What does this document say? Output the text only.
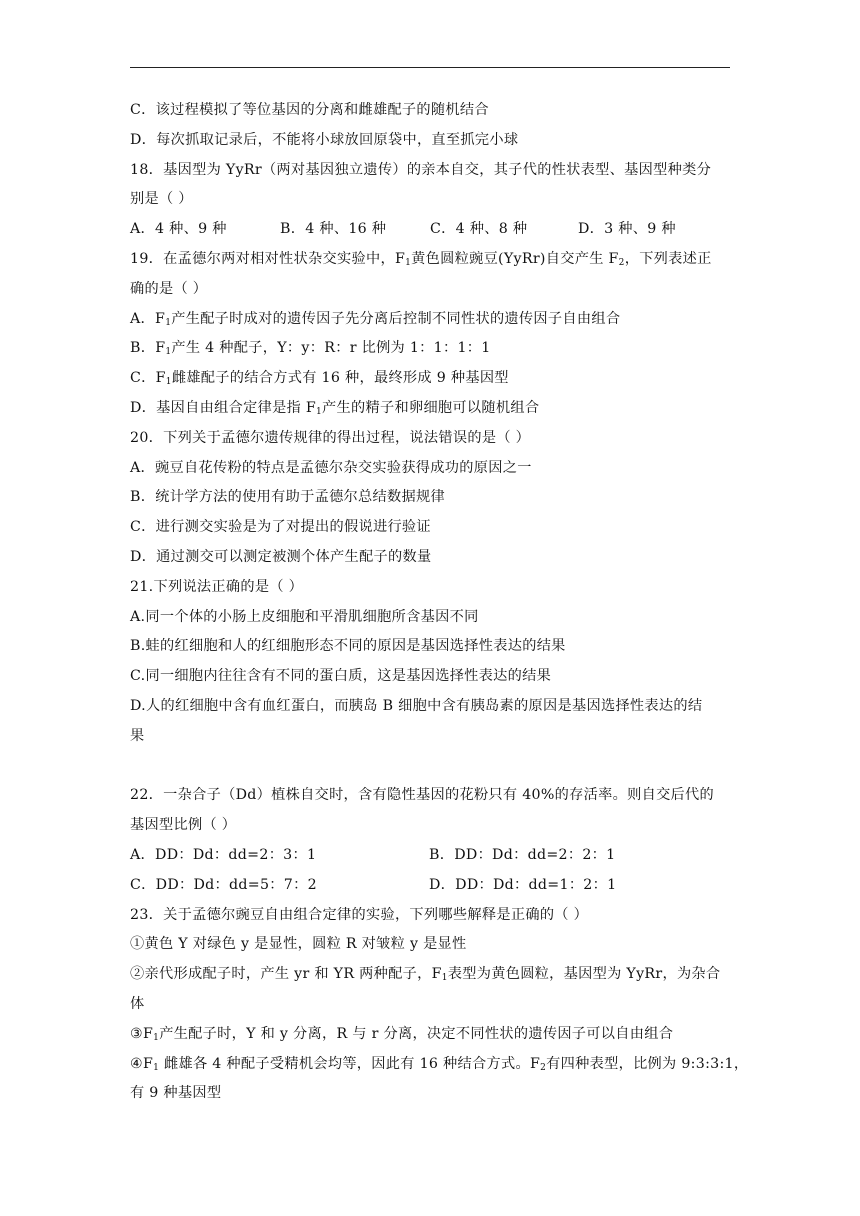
C．该过程模拟了等位基因的分离和雌雄配子的随机结合
D．每次抓取记录后，不能将小球放回原袋中，直至抓完小球
18．基因型为 YyRr（两对基因独立遗传）的亲本自交，其子代的性状表型、基因型种类分
别是（ ）
A．4 种、9 种	B．4 种、16 种	C．4 种、8 种	D．3 种、9 种
19．在孟德尔两对相对性状杂交实验中，$F_1$黄色圆粒豌豆(YyRr)自交产生 $F_2$，下列表述正
确的是（ ）
A．$F_1$产生配子时成对的遗传因子先分离后控制不同性状的遗传因子自由组合
B．$F_1$产生 4 种配子，Y：y：R：r 比例为 1：1：1：1
C．$F_1$雌雄配子的结合方式有 16 种，最终形成 9 种基因型
D．基因自由组合定律是指 $F_1$产生的精子和卵细胞可以随机组合
20．下列关于孟德尔遗传规律的得出过程，说法错误的是（ ）
A．豌豆自花传粉的特点是孟德尔杂交实验获得成功的原因之一
B．统计学方法的使用有助于孟德尔总结数据规律
C．进行测交实验是为了对提出的假说进行验证
D．通过测交可以测定被测个体产生配子的数量
21.下列说法正确的是（ ）
A.同一个体的小肠上皮细胞和平滑肌细胞所含基因不同
B.蛙的红细胞和人的红细胞形态不同的原因是基因选择性表达的结果
C.同一细胞内往往含有不同的蛋白质，这是基因选择性表达的结果
D.人的红细胞中含有血红蛋白，而胰岛 B 细胞中含有胰岛素的原因是基因选择性表达的结
果
22．一杂合子（Dd）植株自交时，含有隐性基因的花粉只有 40%的存活率。则自交后代的
基因型比例（ ）
A．DD：Dd：dd=2：3：1	B．DD：Dd：dd=2：2：1
C．DD：Dd：dd=5：7：2	D．DD：Dd：dd=1：2：1
23．关于孟德尔豌豆自由组合定律的实验，下列哪些解释是正确的（ ）
①黄色 Y 对绿色 y 是显性，圆粒 R 对皱粒 y 是显性
②亲代形成配子时，产生 yr 和 YR 两种配子，$F_1$表型为黄色圆粒，基因型为 YyRr，为杂合
体
$③F_1$产生配子时，Y 和 y 分离，R 与 r 分离，决定不同性状的遗传因子可以自由组合
$④F_1$ 雌雄各 4 种配子受精机会均等，因此有 16 种结合方式。$F_2$有四种表型，比例为 9:3:3:1，
有 9 种基因型
